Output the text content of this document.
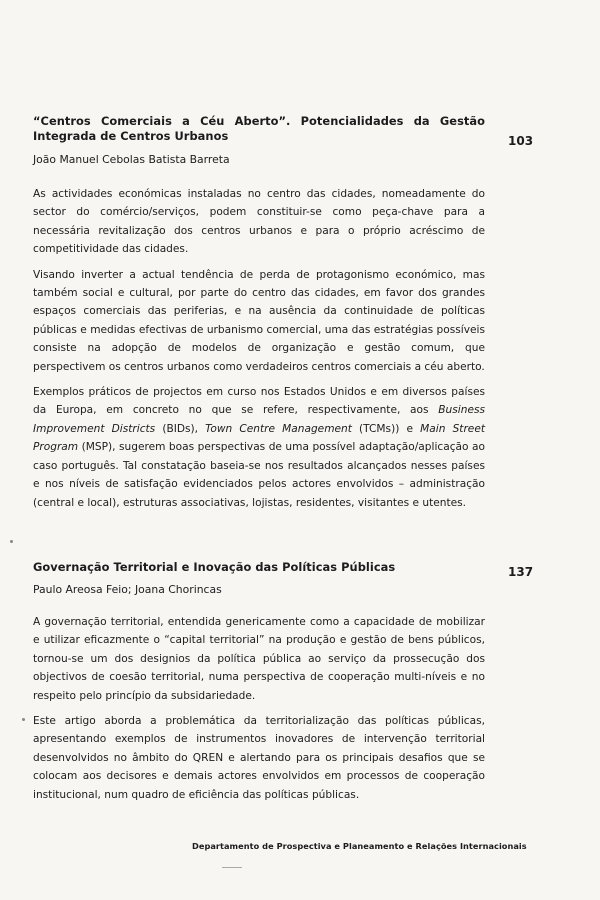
“Centros Comerciais a Céu Aberto”. Potencialidades da Gestão Integrada de Centros Urbanos

João Manuel Cebolas Batista Barreta

As actividades económicas instaladas no centro das cidades, nomeadamente do sector do comércio/serviços, podem constituir-se como peça-chave para a necessária revitalização dos centros urbanos e para o próprio acréscimo de competitividade das cidades.

Visando inverter a actual tendência de perda de protagonismo económico, mas também social e cultural, por parte do centro das cidades, em favor dos grandes espaços comerciais das periferias, e na ausência da continuidade de políticas públicas e medidas efectivas de urbanismo comercial, uma das estratégias possíveis consiste na adopção de modelos de organização e gestão comum, que perspectivem os centros urbanos como verdadeiros centros comerciais a céu aberto.

Exemplos práticos de projectos em curso nos Estados Unidos e em diversos países da Europa, em concreto no que se refere, respectivamente, aos Business Improvement Districts (BIDs), Town Centre Management (TCMs)) e Main Street Program (MSP), sugerem boas perspectivas de uma possível adaptação/aplicação ao caso português. Tal constatação baseia-se nos resultados alcançados nesses países e nos níveis de satisfação evidenciados pelos actores envolvidos – administração (central e local), estruturas associativas, lojistas, residentes, visitantes e utentes.

103

Governação Territorial e Inovação das Políticas Públicas

Paulo Areosa Feio; Joana Chorincas

A governação territorial, entendida genericamente como a capacidade de mobilizar e utilizar eficazmente o “capital territorial” na produção e gestão de bens públicos, tornou-se um dos designios da política pública ao serviço da prossecução dos objectivos de coesão territorial, numa perspectiva de cooperação multi-níveis e no respeito pelo princípio da subsidariedade.

Este artigo aborda a problemática da territorialização das políticas públicas, apresentando exemplos de instrumentos inovadores de intervenção territorial desenvolvidos no âmbito do QREN e alertando para os principais desafios que se colocam aos decisores e demais actores envolvidos em processos de cooperação institucional, num quadro de eficiência das políticas públicas.

137
Departamento de Prospectiva e Planeamento e Relações Internacionais
